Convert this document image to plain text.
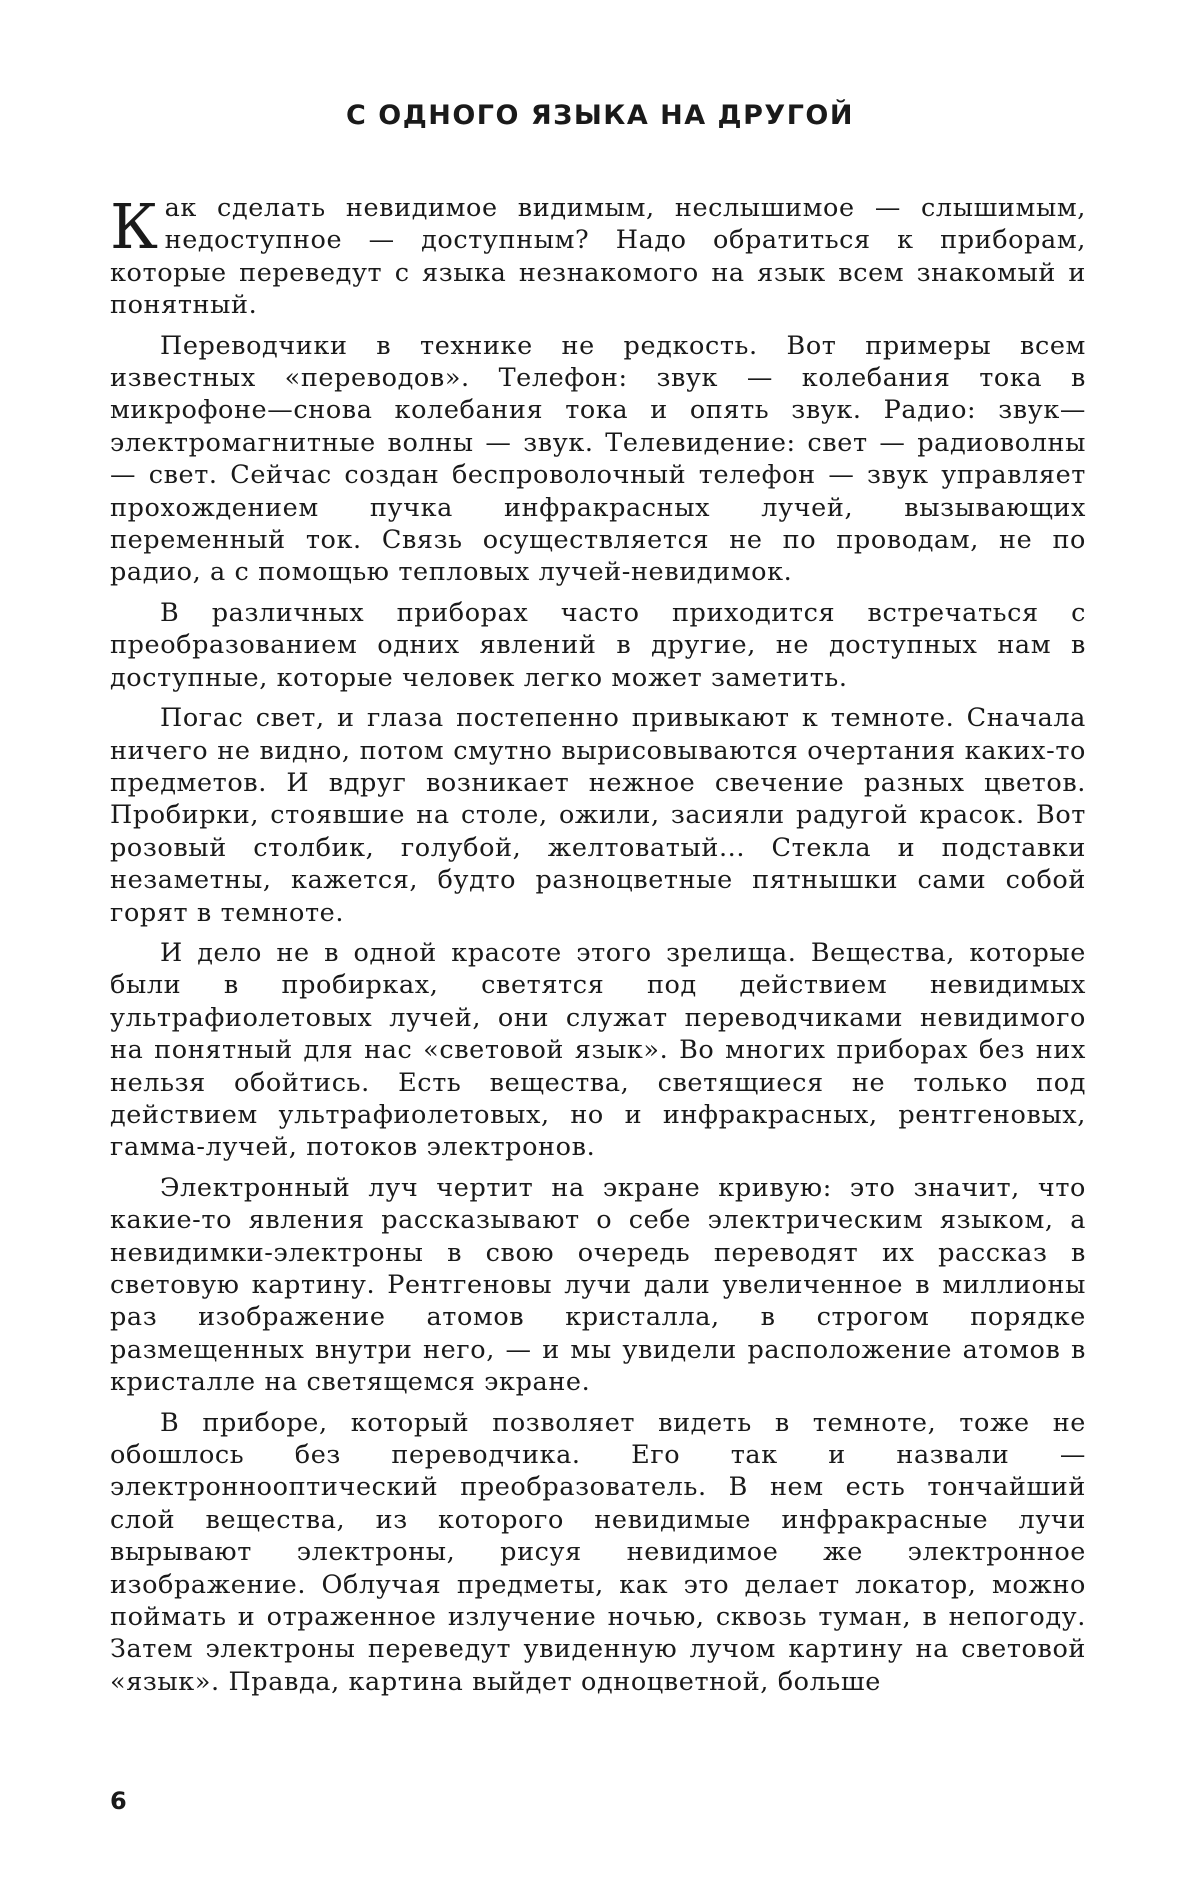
С ОДНОГО ЯЗЫКА НА ДРУГОЙ

Как сделать невидимое видимым, неслышимое — слышимым, недоступное — доступным? Надо обратиться к приборам, которые переведут с языка незнакомого на язык всем знакомый и понятный.

Переводчики в технике не редкость. Вот примеры всем известных «переводов». Телефон: звук — колебания тока в микрофоне—снова колебания тока и опять звук. Радио: звук— электромагнитные волны — звук. Телевидение: свет — радиоволны — свет. Сейчас создан беспроволочный телефон — звук управляет прохождением пучка инфракрасных лучей, вызывающих переменный ток. Связь осуществляется не по проводам, не по радио, а с помощью тепловых лучей-невидимок.

В различных приборах часто приходится встречаться с преобразованием одних явлений в другие, не доступных нам в доступные, которые человек легко может заметить.

Погас свет, и глаза постепенно привыкают к темноте. Сначала ничего не видно, потом смутно вырисовываются очертания каких-то предметов. И вдруг возникает нежное свечение разных цветов. Пробирки, стоявшие на столе, ожили, засияли радугой красок. Вот розовый столбик, голубой, желтоватый... Стекла и подставки незаметны, кажется, будто разноцветные пятнышки сами собой горят в темноте.

И дело не в одной красоте этого зрелища. Вещества, которые были в пробирках, светятся под действием невидимых ультрафиолетовых лучей, они служат переводчиками невидимого на понятный для нас «световой язык». Во многих приборах без них нельзя обойтись. Есть вещества, светящиеся не только под действием ультрафиолетовых, но и инфракрасных, рентгеновых, гамма-лучей, потоков электронов.

Электронный луч чертит на экране кривую: это значит, что какие-то явления рассказывают о себе электрическим языком, а невидимки-электроны в свою очередь переводят их рассказ в световую картину. Рентгеновы лучи дали увеличенное в миллионы раз изображение атомов кристалла, в строгом порядке размещенных внутри него, — и мы увидели расположение атомов в кристалле на светящемся экране.

В приборе, который позволяет видеть в темноте, тоже не обошлось без переводчика. Его так и назвали — электроннооптический преобразователь. В нем есть тончайший слой вещества, из которого невидимые инфракрасные лучи вырывают электроны, рисуя невидимое же электронное изображение. Облучая предметы, как это делает локатор, можно поймать и отраженное излучение ночью, сквозь туман, в непогоду. Затем электроны переведут увиденную лучом картину на световой «язык». Правда, картина выйдет одноцветной, больше

6
